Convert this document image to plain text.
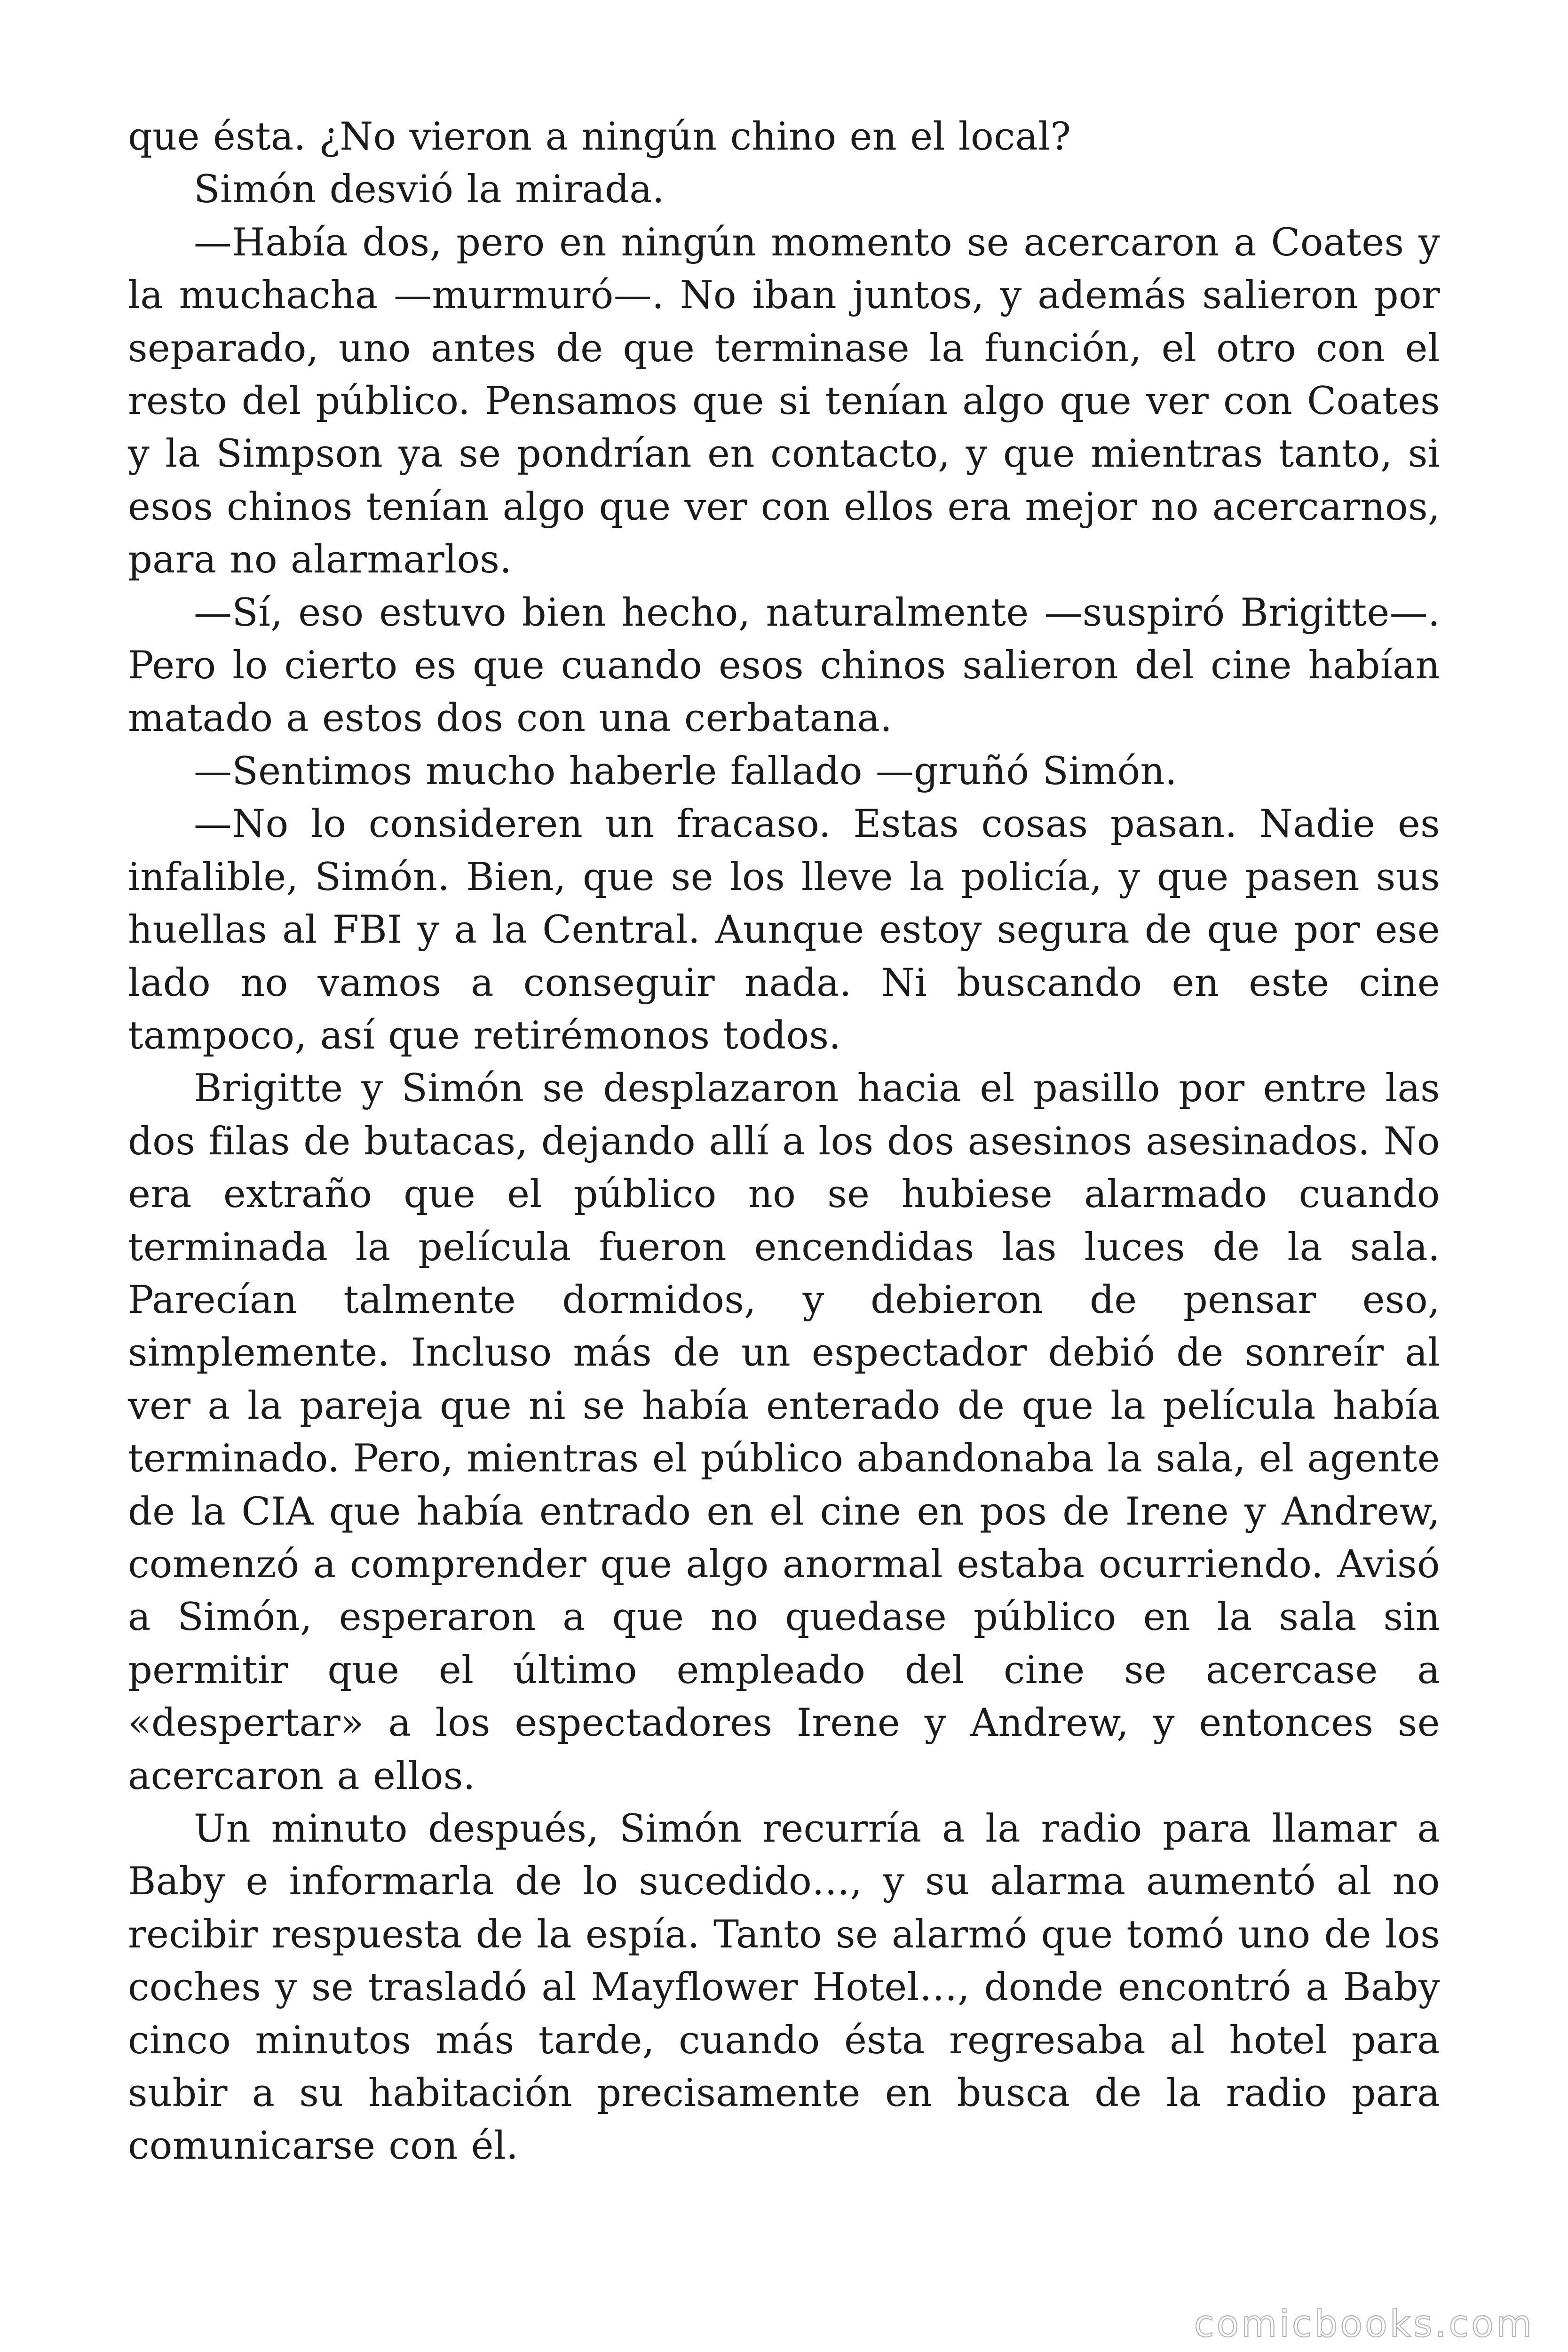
que ésta. ¿No vieron a ningún chino en el local?

Simón desvió la mirada.

—Había dos, pero en ningún momento se acercaron a Coates y la muchacha —murmuró—. No iban juntos, y además salieron por separado, uno antes de que terminase la función, el otro con el resto del público. Pensamos que si tenían algo que ver con Coates y la Simpson ya se pondrían en contacto, y que mientras tanto, si esos chinos tenían algo que ver con ellos era mejor no acercarnos, para no alarmarlos.

—Sí, eso estuvo bien hecho, naturalmente —suspiró Brigitte—. Pero lo cierto es que cuando esos chinos salieron del cine habían matado a estos dos con una cerbatana.

—Sentimos mucho haberle fallado —gruñó Simón.

—No lo consideren un fracaso. Estas cosas pasan. Nadie es infalible, Simón. Bien, que se los lleve la policía, y que pasen sus huellas al FBI y a la Central. Aunque estoy segura de que por ese lado no vamos a conseguir nada. Ni buscando en este cine tampoco, así que retirémonos todos.

Brigitte y Simón se desplazaron hacia el pasillo por entre las dos filas de butacas, dejando allí a los dos asesinos asesinados. No era extraño que el público no se hubiese alarmado cuando terminada la película fueron encendidas las luces de la sala. Parecían talmente dormidos, y debieron de pensar eso, simplemente. Incluso más de un espectador debió de sonreír al ver a la pareja que ni se había enterado de que la película había terminado. Pero, mientras el público abandonaba la sala, el agente de la CIA que había entrado en el cine en pos de Irene y Andrew, comenzó a comprender que algo anormal estaba ocurriendo. Avisó a Simón, esperaron a que no quedase público en la sala sin permitir que el último empleado del cine se acercase a «despertar» a los espectadores Irene y Andrew, y entonces se acercaron a ellos.

Un minuto después, Simón recurría a la radio para llamar a Baby e informarla de lo sucedido…, y su alarma aumentó al no recibir respuesta de la espía. Tanto se alarmó que tomó uno de los coches y se trasladó al Mayflower Hotel…, donde encontró a Baby cinco minutos más tarde, cuando ésta regresaba al hotel para subir a su habitación precisamente en busca de la radio para comunicarse con él.

comicbooks.com
